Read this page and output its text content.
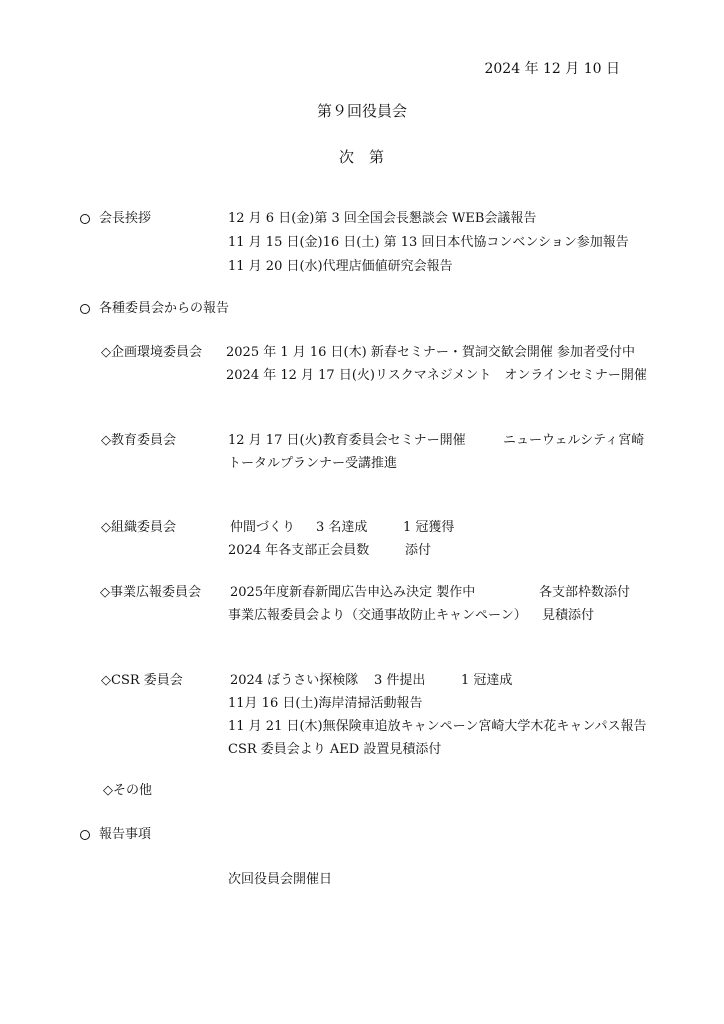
2024 年 12 月 10 日
第９回役員会
次 第
会長挨拶	12 月 6 日(金)第 3 回全国会長懇談会 WEB会議報告
11 月 15 日(金)16 日(土) 第 13 回日本代協コンベンション参加報告
11 月 20 日(水)代理店価値研究会報告
各種委員会からの報告
◇企画環境委員会 2025 年 1 月 16 日(木) 新春セミナー・賀詞交歓会開催 参加者受付中
2024 年 12 月 17 日(火)リスクマネジメント　オンラインセミナー開催
◇教育委員会	12 月 17 日(火)教育委員会セミナー開催	ニューウェルシティ宮崎
トータルプランナー受講推進
◇組織委員会	仲間づくり 3 名達成	1 冠獲得
2024 年各支部正会員数	添付
◇事業広報委員会 2025年度新春新聞広告申込み決定 製作中	各支部枠数添付
事業広報委員会より（交通事故防止キャンペーン） 見積添付
◇CSR 委員会	2024 ぼうさい探検隊 3 件提出	1 冠達成
11月 16 日(土)海岸清掃活動報告
11 月 21 日(木)無保険車追放キャンペーン宮崎大学木花キャンパス報告
CSR 委員会より AED 設置見積添付
◇その他
報告事項
次回役員会開催日
